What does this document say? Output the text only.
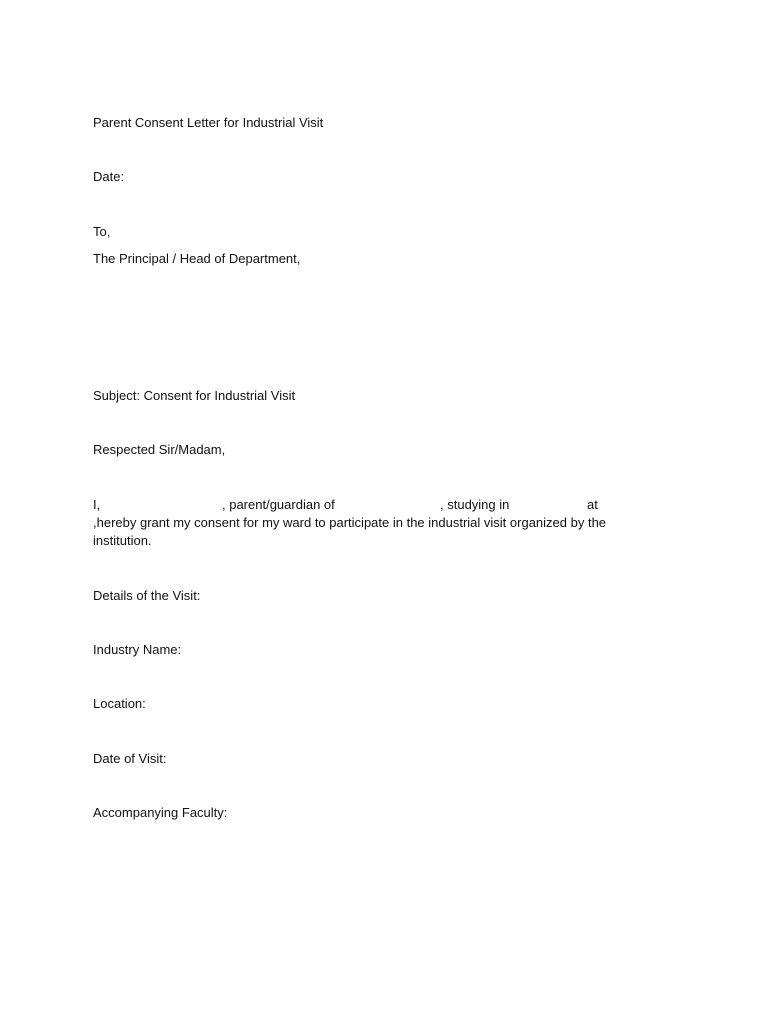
Parent Consent Letter for Industrial Visit
Date:
To,
The Principal / Head of Department,
Subject: Consent for Industrial Visit
Respected Sir/Madam,
I,	, parent/guardian of	, studying in	at
,hereby grant my consent for my ward to participate in the industrial visit organized by the institution.
Details of the Visit:
Industry Name:
Location:
Date of Visit:
Accompanying Faculty:
